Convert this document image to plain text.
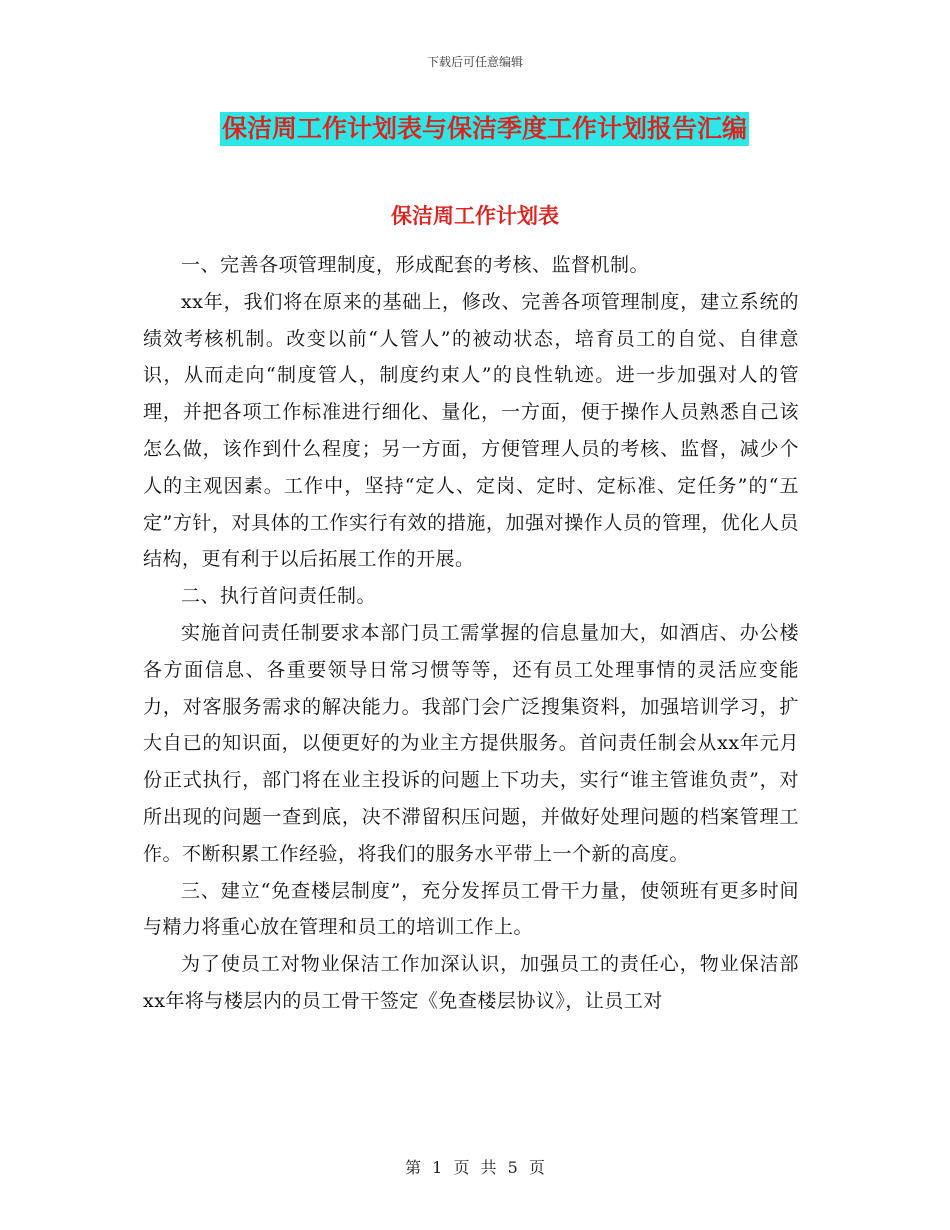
下载后可任意编辑
保洁周工作计划表与保洁季度工作计划报告汇编
保洁周工作计划表

一、完善各项管理制度，形成配套的考核、监督机制。

xx年，我们将在原来的基础上，修改、完善各项管理制度，建立系统的绩效考核机制。改变以前“人管人”的被动状态，培育员工的自觉、自律意识，从而走向“制度管人，制度约束人”的良性轨迹。进一步加强对人的管理，并把各项工作标准进行细化、量化，一方面，便于操作人员熟悉自己该怎么做，该作到什么程度；另一方面，方便管理人员的考核、监督，减少个人的主观因素。工作中，坚持“定人、定岗、定时、定标准、定任务”的“五定”方针，对具体的工作实行有效的措施，加强对操作人员的管理，优化人员结构，更有利于以后拓展工作的开展。

二、执行首问责任制。

实施首问责任制要求本部门员工需掌握的信息量加大，如酒店、办公楼各方面信息、各重要领导日常习惯等等，还有员工处理事情的灵活应变能力，对客服务需求的解决能力。我部门会广泛搜集资料，加强培训学习，扩大自已的知识面，以便更好的为业主方提供服务。首问责任制会从xx年元月份正式执行，部门将在业主投诉的问题上下功夫，实行“谁主管谁负责”，对所出现的问题一查到底，决不滞留积压问题，并做好处理问题的档案管理工作。不断积累工作经验，将我们的服务水平带上一个新的高度。

三、建立“免查楼层制度”，充分发挥员工骨干力量，使领班有更多时间与精力将重心放在管理和员工的培训工作上。

为了使员工对物业保洁工作加深认识，加强员工的责任心，物业保洁部xx年将与楼层内的员工骨干签定《免查楼层协议》，让员工对

第 1 页 共 5 页
